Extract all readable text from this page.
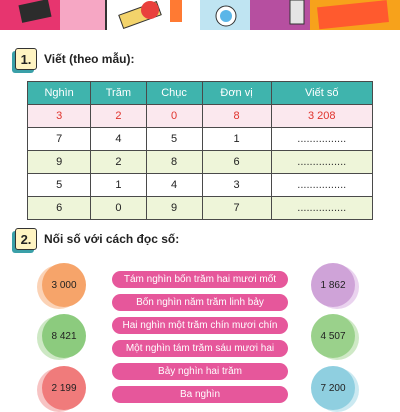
1.	Viết (theo mẫu):
Nghìn	Trăm	Chục	Đơn vị	Viết số
3	2	0	8	3 208
7	4	5	1	................
9	2	8	6	................
5	1	4	3	................
6	0	9	7	................
2.	Nối số với cách đọc số:
3 000
8 421
2 199
1 862
4 507
7 200
Tám nghìn bốn trăm hai mươi mốt
Bốn nghìn năm trăm linh bảy
Hai nghìn một trăm chín mươi chín
Một nghìn tám trăm sáu mươi hai
Bảy nghìn hai trăm
Ba nghìn
